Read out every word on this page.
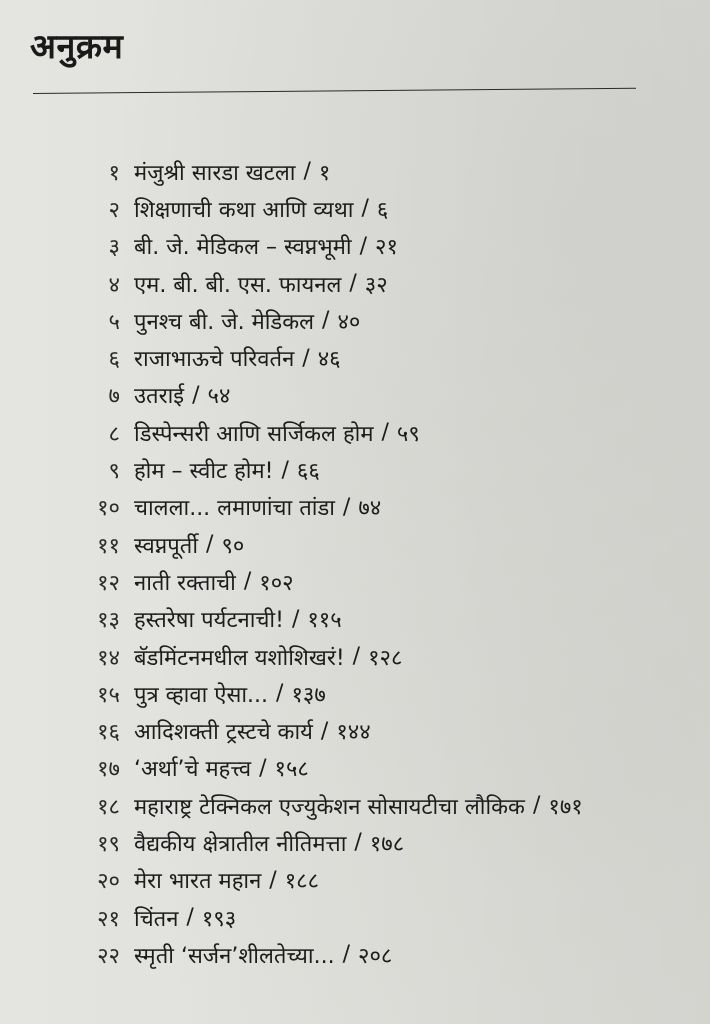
अनुक्रम
१ मंजुश्री सारडा खटला / १
२ शिक्षणाची कथा आणि व्यथा / ६
३ बी. जे. मेडिकल – स्वप्नभूमी / २१
४ एम. बी. बी. एस. फायनल / ३२
५ पुनश्च बी. जे. मेडिकल / ४०
६ राजाभाऊचे परिवर्तन / ४६
७ उतराई / ५४
८ डिस्पेन्सरी आणि सर्जिकल होम / ५९
९ होम – स्वीट होम! / ६६
१० चालला... लमाणांचा तांडा / ७४
११ स्वप्नपूर्ती / ९०
१२ नाती रक्ताची / १०२
१३ हस्तरेषा पर्यटनाची! / ११५
१४ बॅडमिंटनमधील यशोशिखरं! / १२८
१५ पुत्र व्हावा ऐसा... / १३७
१६ आदिशक्ती ट्रस्टचे कार्य / १४४
१७ ‘अर्था’चे महत्त्व / १५८
१८ महाराष्ट्र टेक्निकल एज्युकेशन सोसायटीचा लौकिक / १७१
१९ वैद्यकीय क्षेत्रातील नीतिमत्ता / १७८
२० मेरा भारत महान / १८८
२१ चिंतन / १९३
२२ स्मृती ‘सर्जन’शीलतेच्या... / २०८
